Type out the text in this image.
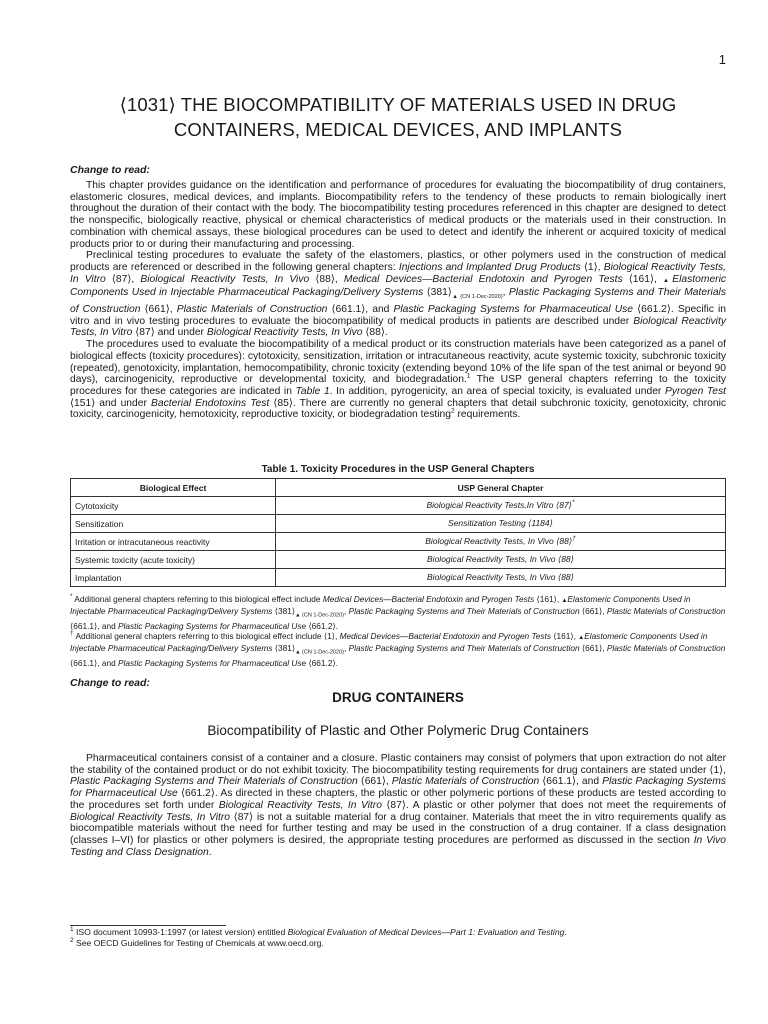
1
⟨1031⟩ THE BIOCOMPATIBILITY OF MATERIALS USED IN DRUG
CONTAINERS, MEDICAL DEVICES, AND IMPLANTS
Change to read:

This chapter provides guidance on the identification and performance of procedures for evaluating the biocompatibility of drug containers, elastomeric closures, medical devices, and implants. Biocompatibility refers to the tendency of these products to remain biologically inert throughout the duration of their contact with the body. The biocompatibility testing procedures referenced in this chapter are designed to detect the nonspecific, biologically reactive, physical or chemical characteristics of medical products or the materials used in their construction. In combination with chemical assays, these biological procedures can be used to detect and identify the inherent or acquired toxicity of medical products prior to or during their manufacturing and processing.

Preclinical testing procedures to evaluate the safety of the elastomers, plastics, or other polymers used in the construction of medical products are referenced or described in the following general chapters: Injections and Implanted Drug Products ⟨1⟩, Biological Reactivity Tests, In Vitro ⟨87⟩, Biological Reactivity Tests, In Vivo ⟨88⟩, Medical Devices—Bacterial Endotoxin and Pyrogen Tests ⟨161⟩, ▲Elastomeric Components Used in Injectable Pharmaceutical Packaging/Delivery Systems $⟨381⟩_{▲ (CN 1-Dec-2020)}$, Plastic Packaging Systems and Their Materials of Construction ⟨661⟩, Plastic Materials of Construction ⟨661.1⟩, and Plastic Packaging Systems for Pharmaceutical Use ⟨661.2⟩. Specific in vitro and in vivo testing procedures to evaluate the biocompatibility of medical products in patients are described under Biological Reactivity Tests, In Vitro ⟨87⟩ and under Biological Reactivity Tests, In Vivo ⟨88⟩.

The procedures used to evaluate the biocompatibility of a medical product or its construction materials have been categorized as a panel of biological effects (toxicity procedures): cytotoxicity, sensitization, irritation or intracutaneous reactivity, acute systemic toxicity, subchronic toxicity (repeated), genotoxicity, implantation, hemocompatibility, chronic toxicity (extending beyond 10% of the life span of the test animal or beyond 90 days), carcinogenicity, reproductive or developmental toxicity, and biodegradation.$^1$ The USP general chapters referring to the toxicity procedures for these categories are indicated in Table 1. In addition, pyrogenicity, an area of special toxicity, is evaluated under Pyrogen Test ⟨151⟩ and under Bacterial Endotoxins Test ⟨85⟩. There are currently no general chapters that detail subchronic toxicity, genotoxicity, chronic toxicity, carcinogenicity, hemotoxicity, reproductive toxicity, or biodegradation testing$^2$ requirements.

Table 1. Toxicity Procedures in the USP General Chapters

Biological Effect	USP General Chapter
Cytotoxicity	Biological Reactivity Tests,In Vitro ⟨87⟩*
Sensitization	Sensitization Testing ⟨1184⟩
Irritation or intracutaneous reactivity	Biological Reactivity Tests, In Vivo ⟨88⟩†
Systemic toxicity (acute toxicity)	Biological Reactivity Tests, In Vivo ⟨88⟩
Implantation	Biological Reactivity Tests, In Vivo ⟨88⟩

* Additional general chapters referring to this biological effect include Medical Devices—Bacterial Endotoxin and Pyrogen Tests ⟨161⟩, ▲Elastomeric Components Used in Injectable Pharmaceutical Packaging/Delivery Systems $⟨381⟩_{▲ (CN 1-Dec-2020)}$, Plastic Packaging Systems and Their Materials of Construction ⟨661⟩, Plastic Materials of Construction ⟨661.1⟩, and Plastic Packaging Systems for Pharmaceutical Use ⟨661.2⟩.

† Additional general chapters referring to this biological effect include ⟨1⟩, Medical Devices—Bacterial Endotoxin and Pyrogen Tests ⟨161⟩, ▲Elastomeric Components Used in Injectable Pharmaceutical Packaging/Delivery Systems $⟨381⟩_{▲ (CN 1-Dec-2020)}$, Plastic Packaging Systems and Their Materials of Construction ⟨661⟩, Plastic Materials of Construction ⟨661.1⟩, and Plastic Packaging Systems for Pharmaceutical Use ⟨661.2⟩.

Change to read:

DRUG CONTAINERS

Biocompatibility of Plastic and Other Polymeric Drug Containers

Pharmaceutical containers consist of a container and a closure. Plastic containers may consist of polymers that upon extraction do not alter the stability of the contained product or do not exhibit toxicity. The biocompatibility testing requirements for drug containers are stated under ⟨1⟩, Plastic Packaging Systems and Their Materials of Construction ⟨661⟩, Plastic Materials of Construction ⟨661.1⟩, and Plastic Packaging Systems for Pharmaceutical Use ⟨661.2⟩. As directed in these chapters, the plastic or other polymeric portions of these products are tested according to the procedures set forth under Biological Reactivity Tests, In Vitro ⟨87⟩. A plastic or other polymer that does not meet the requirements of Biological Reactivity Tests, In Vitro ⟨87⟩ is not a suitable material for a drug container. Materials that meet the in vitro requirements qualify as biocompatible materials without the need for further testing and may be used in the construction of a drug container. If a class designation (classes I–VI) for plastics or other polymers is desired, the appropriate testing procedures are performed as discussed in the section In Vivo Testing and Class Designation.

$^1$ ISO document 10993-1:1997 (or latest version) entitled Biological Evaluation of Medical Devices—Part 1: Evaluation and Testing.

$^2$ See OECD Guidelines for Testing of Chemicals at www.oecd.org.
